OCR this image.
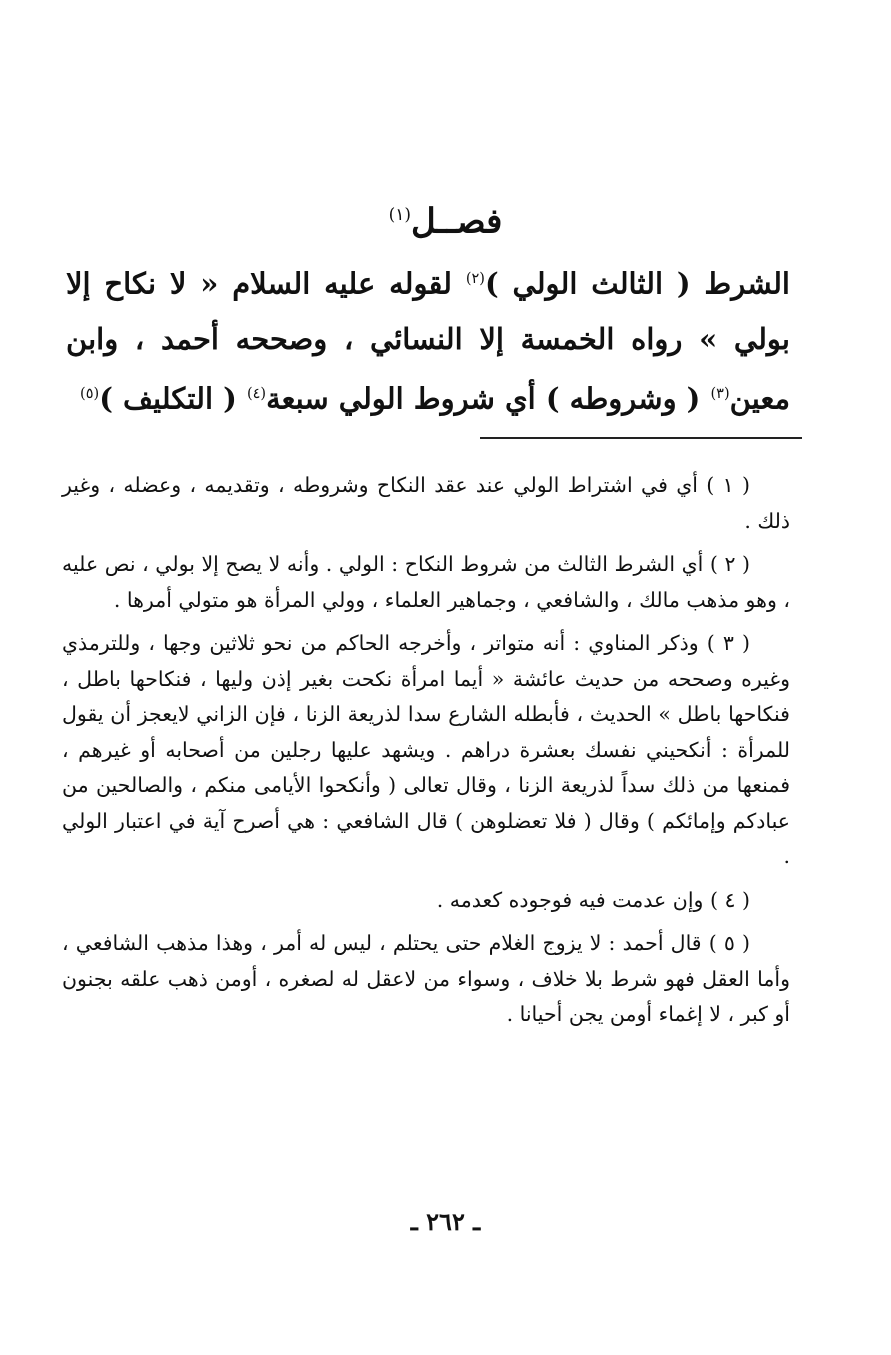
فصــل$^{(١)}$
الشرط ( الثالث الولي )$^{(٢)}$ لقوله عليه السلام « لا نكاح إلا بولي » رواه الخمسة إلا النسائي ، وصححه أحمد ، وابن معين$^{(٣)}$ ( وشروطه ) أي شروط الولي سبعة$^{(٤)}$ ( التكليف )$^{(٥)}$

( ١ ) أي في اشتراط الولي عند عقد النكاح وشروطه ، وتقديمه ، وعضله ، وغير ذلك .

( ٢ ) أي الشرط الثالث من شروط النكاح : الولي . وأنه لا يصح إلا بولي ، نص عليه ، وهو مذهب مالك ، والشافعي ، وجماهير العلماء ، وولي المرأة هو متولي أمرها .

( ٣ ) وذكر المناوي : أنه متواتر ، وأخرجه الحاكم من نحو ثلاثين وجها ، وللترمذي وغيره وصححه من حديث عائشة « أيما امرأة نكحت بغير إذن وليها ، فنكاحها باطل ، فنكاحها باطل » الحديث ، فأبطله الشارع سدا لذريعة الزنا ، فإن الزاني لايعجز أن يقول للمرأة : أنكحيني نفسك بعشرة دراهم . ويشهد عليها رجلين من أصحابه أو غيرهم ، فمنعها من ذلك سداً لذريعة الزنا ، وقال تعالى ( وأنكحوا الأيامى منكم ، والصالحين من عبادكم وإمائكم ) وقال ( فلا تعضلوهن ) قال الشافعي : هي أصرح آية في اعتبار الولي .

( ٤ ) وإن عدمت فيه فوجوده كعدمه .

( ٥ ) قال أحمد : لا يزوج الغلام حتى يحتلم ، ليس له أمر ، وهذا مذهب الشافعي ، وأما العقل فهو شرط بلا خلاف ، وسواء من لاعقل له لصغره ، أومن ذهب علقه بجنون أو كبر ، لا إغماء أومن يجن أحيانا .

ـ ٢٦٢ ـ
